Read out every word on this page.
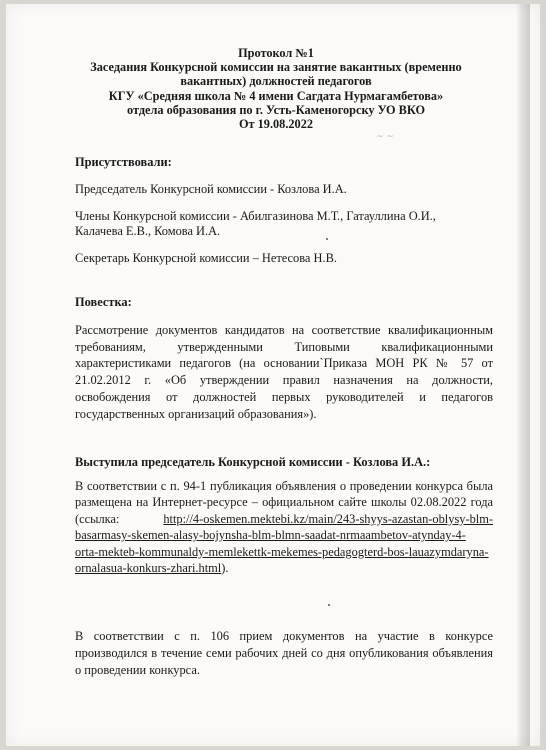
Протокол №1
Заседания Конкурсной комиссии на занятие вакантных (временно
вакантных) должностей педагогов
КГУ «Средняя школа № 4 имени Сагдата Нурмагамбетова»
отдела образования по г. Усть-Каменогорску УО ВКО
От 19.08.2022
~ ~
Присутствовали:
Председатель Конкурсной комиссии - Козлова И.А.
Члены Конкурсной комиссии - Абилгазинова М.Т., Гатауллина О.И.,
Калачева Е.В., Комова И.А.
Секретарь Конкурсной комиссии – Нетесова Н.В.
Повестка:
Рассмотрение документов кандидатов на соответствие квалификационным
требованиям, утвержденными Типовыми квалификационными
характеристиками педагогов (на основании`Приказа МОН РК № 57 от
21.02.2012 г. «Об утверждении правил назначения на должности,
освобождения от должностей первых руководителей и педагогов
государственных организаций образования»).
Выступила председатель Конкурсной комиссии - Козлова И.А.:
В соответствии с п. 94-1 публикация объявления о проведении конкурса была
размещена на Интернет-ресурсе – официальном сайте школы 02.08.2022 года
(ссылка:	http://4-oskemen.mektebi.kz/main/243-shyys-azastan-oblysy-blm-
basarmasy-skemen-alasy-bojynsha-blm-blmn-saadat-nrmaambetov-atynday-4-
orta-mekteb-kommunaldy-memlekettk-mekemes-pedagogterd-bos-lauazymdaryna-
ornalasua-konkurs-zhari.html).
В соответствии с п. 106 прием документов на участие в конкурсе
производился в течение семи рабочих дней со дня опубликования объявления
о проведении конкурса.
